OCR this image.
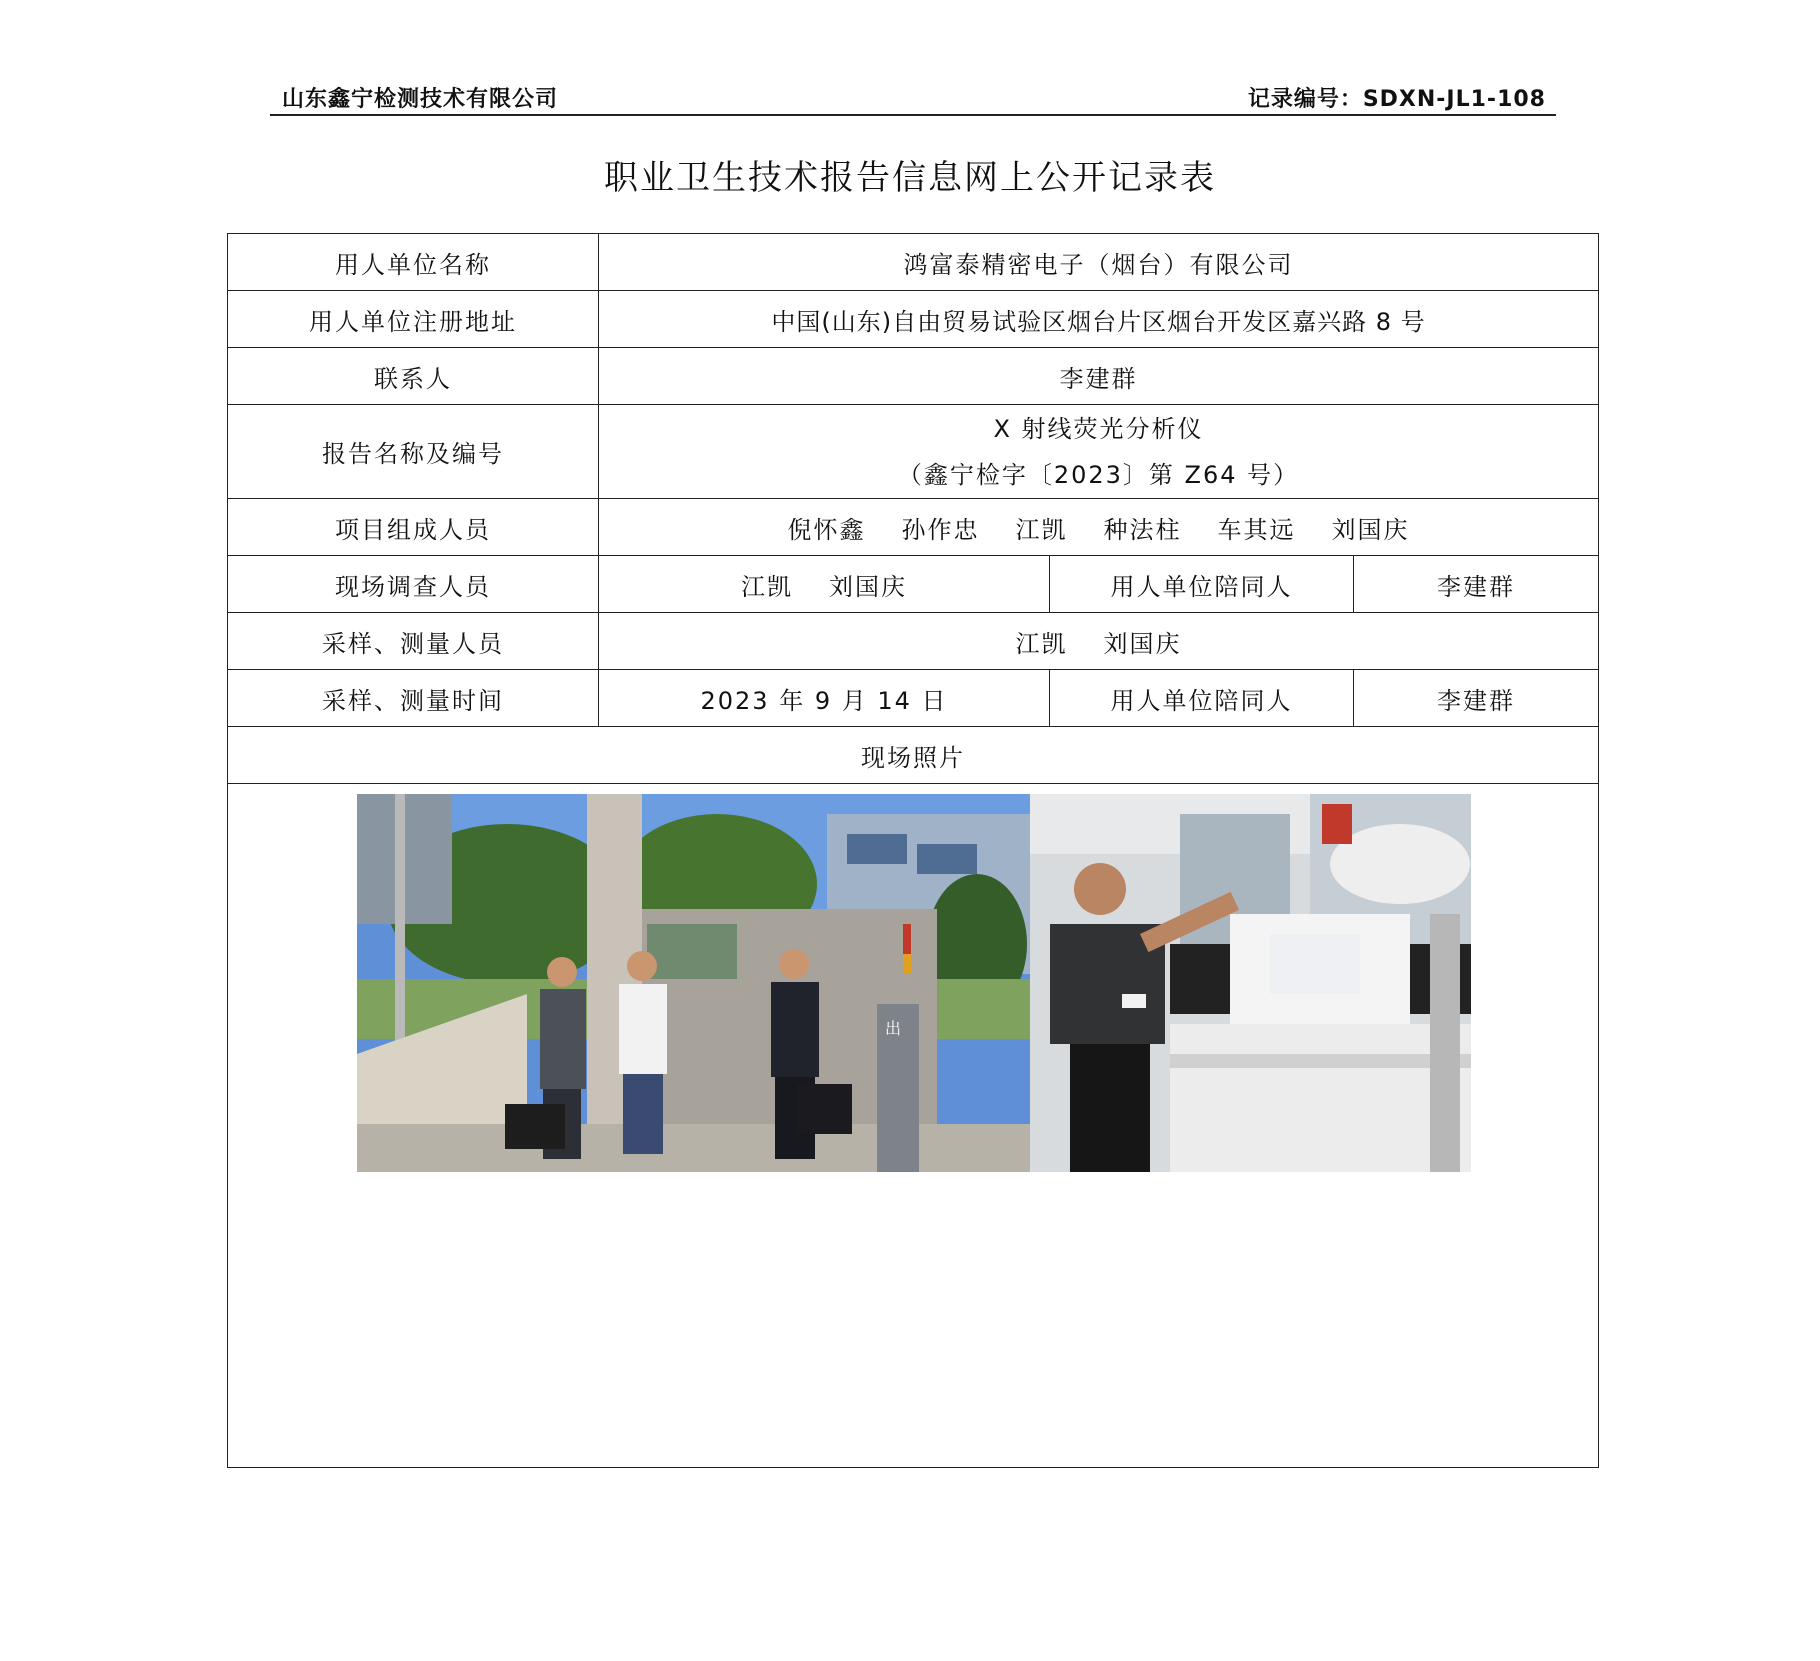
山东鑫宁检测技术有限公司	记录编号：SDXN-JL1-108
职业卫生技术报告信息网上公开记录表
用人单位名称	鸿富泰精密电子（烟台）有限公司		
用人单位注册地址	中国(山东)自由贸易试验区烟台片区烟台开发区嘉兴路 8 号		
联系人	李建群		
报告名称及编号	X 射线荧光分析仪
（鑫宁检字〔2023〕第 Z64 号）		

项目组成人员	倪怀鑫 孙作忠 江凯 种法柱 车其远 刘国庆		
现场调查人员	江凯 刘国庆	用人单位陪同人	李建群
采样、测量人员	江凯 刘国庆		
采样、测量时间	2023 年 9 月 14 日	用人单位陪同人	李建群
现场照片			

出			
